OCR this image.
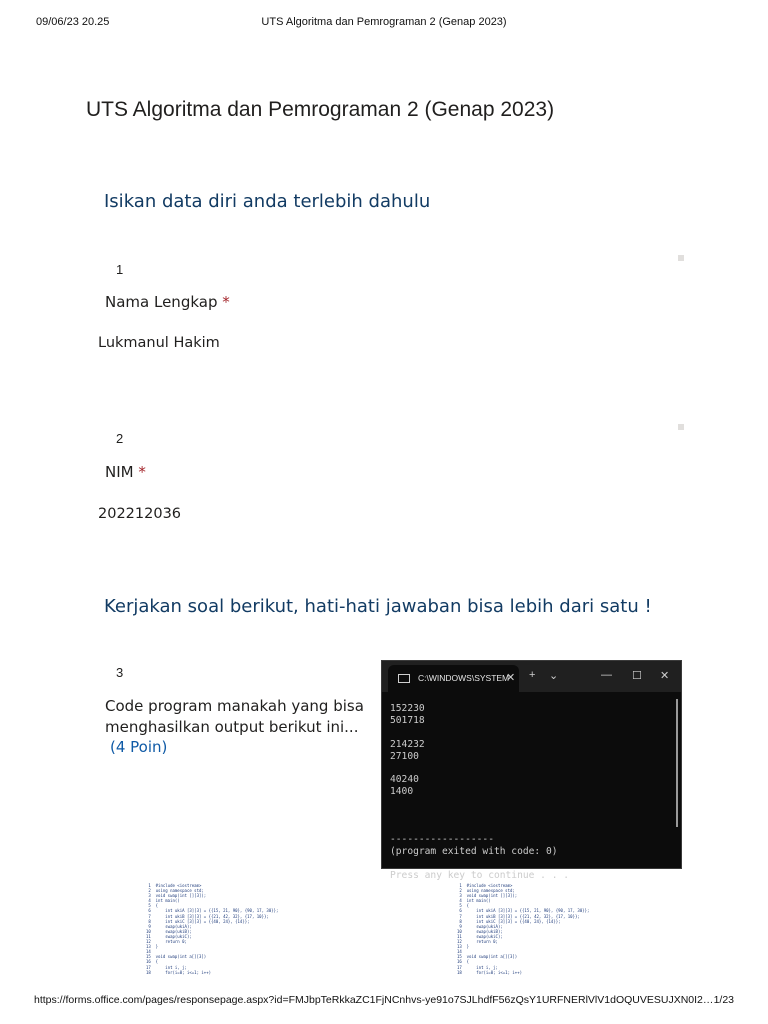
09/06/23 20.25	UTS Algoritma dan Pemrograman 2 (Genap 2023)
UTS Algoritma dan Pemrograman 2 (Genap 2023)
Isikan data diri anda terlebih dahulu
1
Nama Lengkap *
Lukmanul Hakim
2
NIM *
202212036
Kerjakan soal berikut, hati-hati jawaban bisa lebih dari satu !
3
Code program manakah yang bisa menghasilkan output berikut ini...
(4 Poin)
C:\WINDOWS\SYSTEM
✕ + ⌄	— ☐ ✕
152230
501718

214232
27100

40240
1400

------------------
(program exited with code: 0)

Press any key to continue . . .
1  #include <iostream>
2  using namespace std;
3  void swap(int [][3]);
4  int main()
5  {
6      int ukiA [3][3] = {{15, 21, 90}, {90, 17, 30}};
7      int ukiB [3][3] = {{21, 42, 32}, {17, 10}};
8      int ukiC [3][3] = {{40, 24}, {14}};
9      swap(ukiA);
10      swap(ukiB);
11      swap(ukiC);
12      return 0;
13  }
14
15  void swap(int a[][3])
16  {
17      int i, j;
18      for(i=0; i<=1; i++)
1  #include <iostream>
2  using namespace std;
3  void swap(int [][3]);
4  int main()
5  {
6      int ukiA [3][3] = {{15, 21, 90}, {90, 17, 30}};
7      int ukiB [3][3] = {{21, 42, 32}, {17, 10}};
8      int ukiC [3][3] = {{40, 24}, {14}};
9      swap(ukiA);
10      swap(ukiB);
11      swap(ukiC);
12      return 0;
13  }
14
15  void swap(int a[][3])
16  {
17      int i, j;
18      for(i=0; i<=1; i++)
https://forms.office.com/pages/responsepage.aspx?id=FMJbpTeRkkaZC1FjNCnhvs-ye91o7SJLhdfF56zQsY1URFNERlVlV1dOQUVESUJXN0I2… 1/23
